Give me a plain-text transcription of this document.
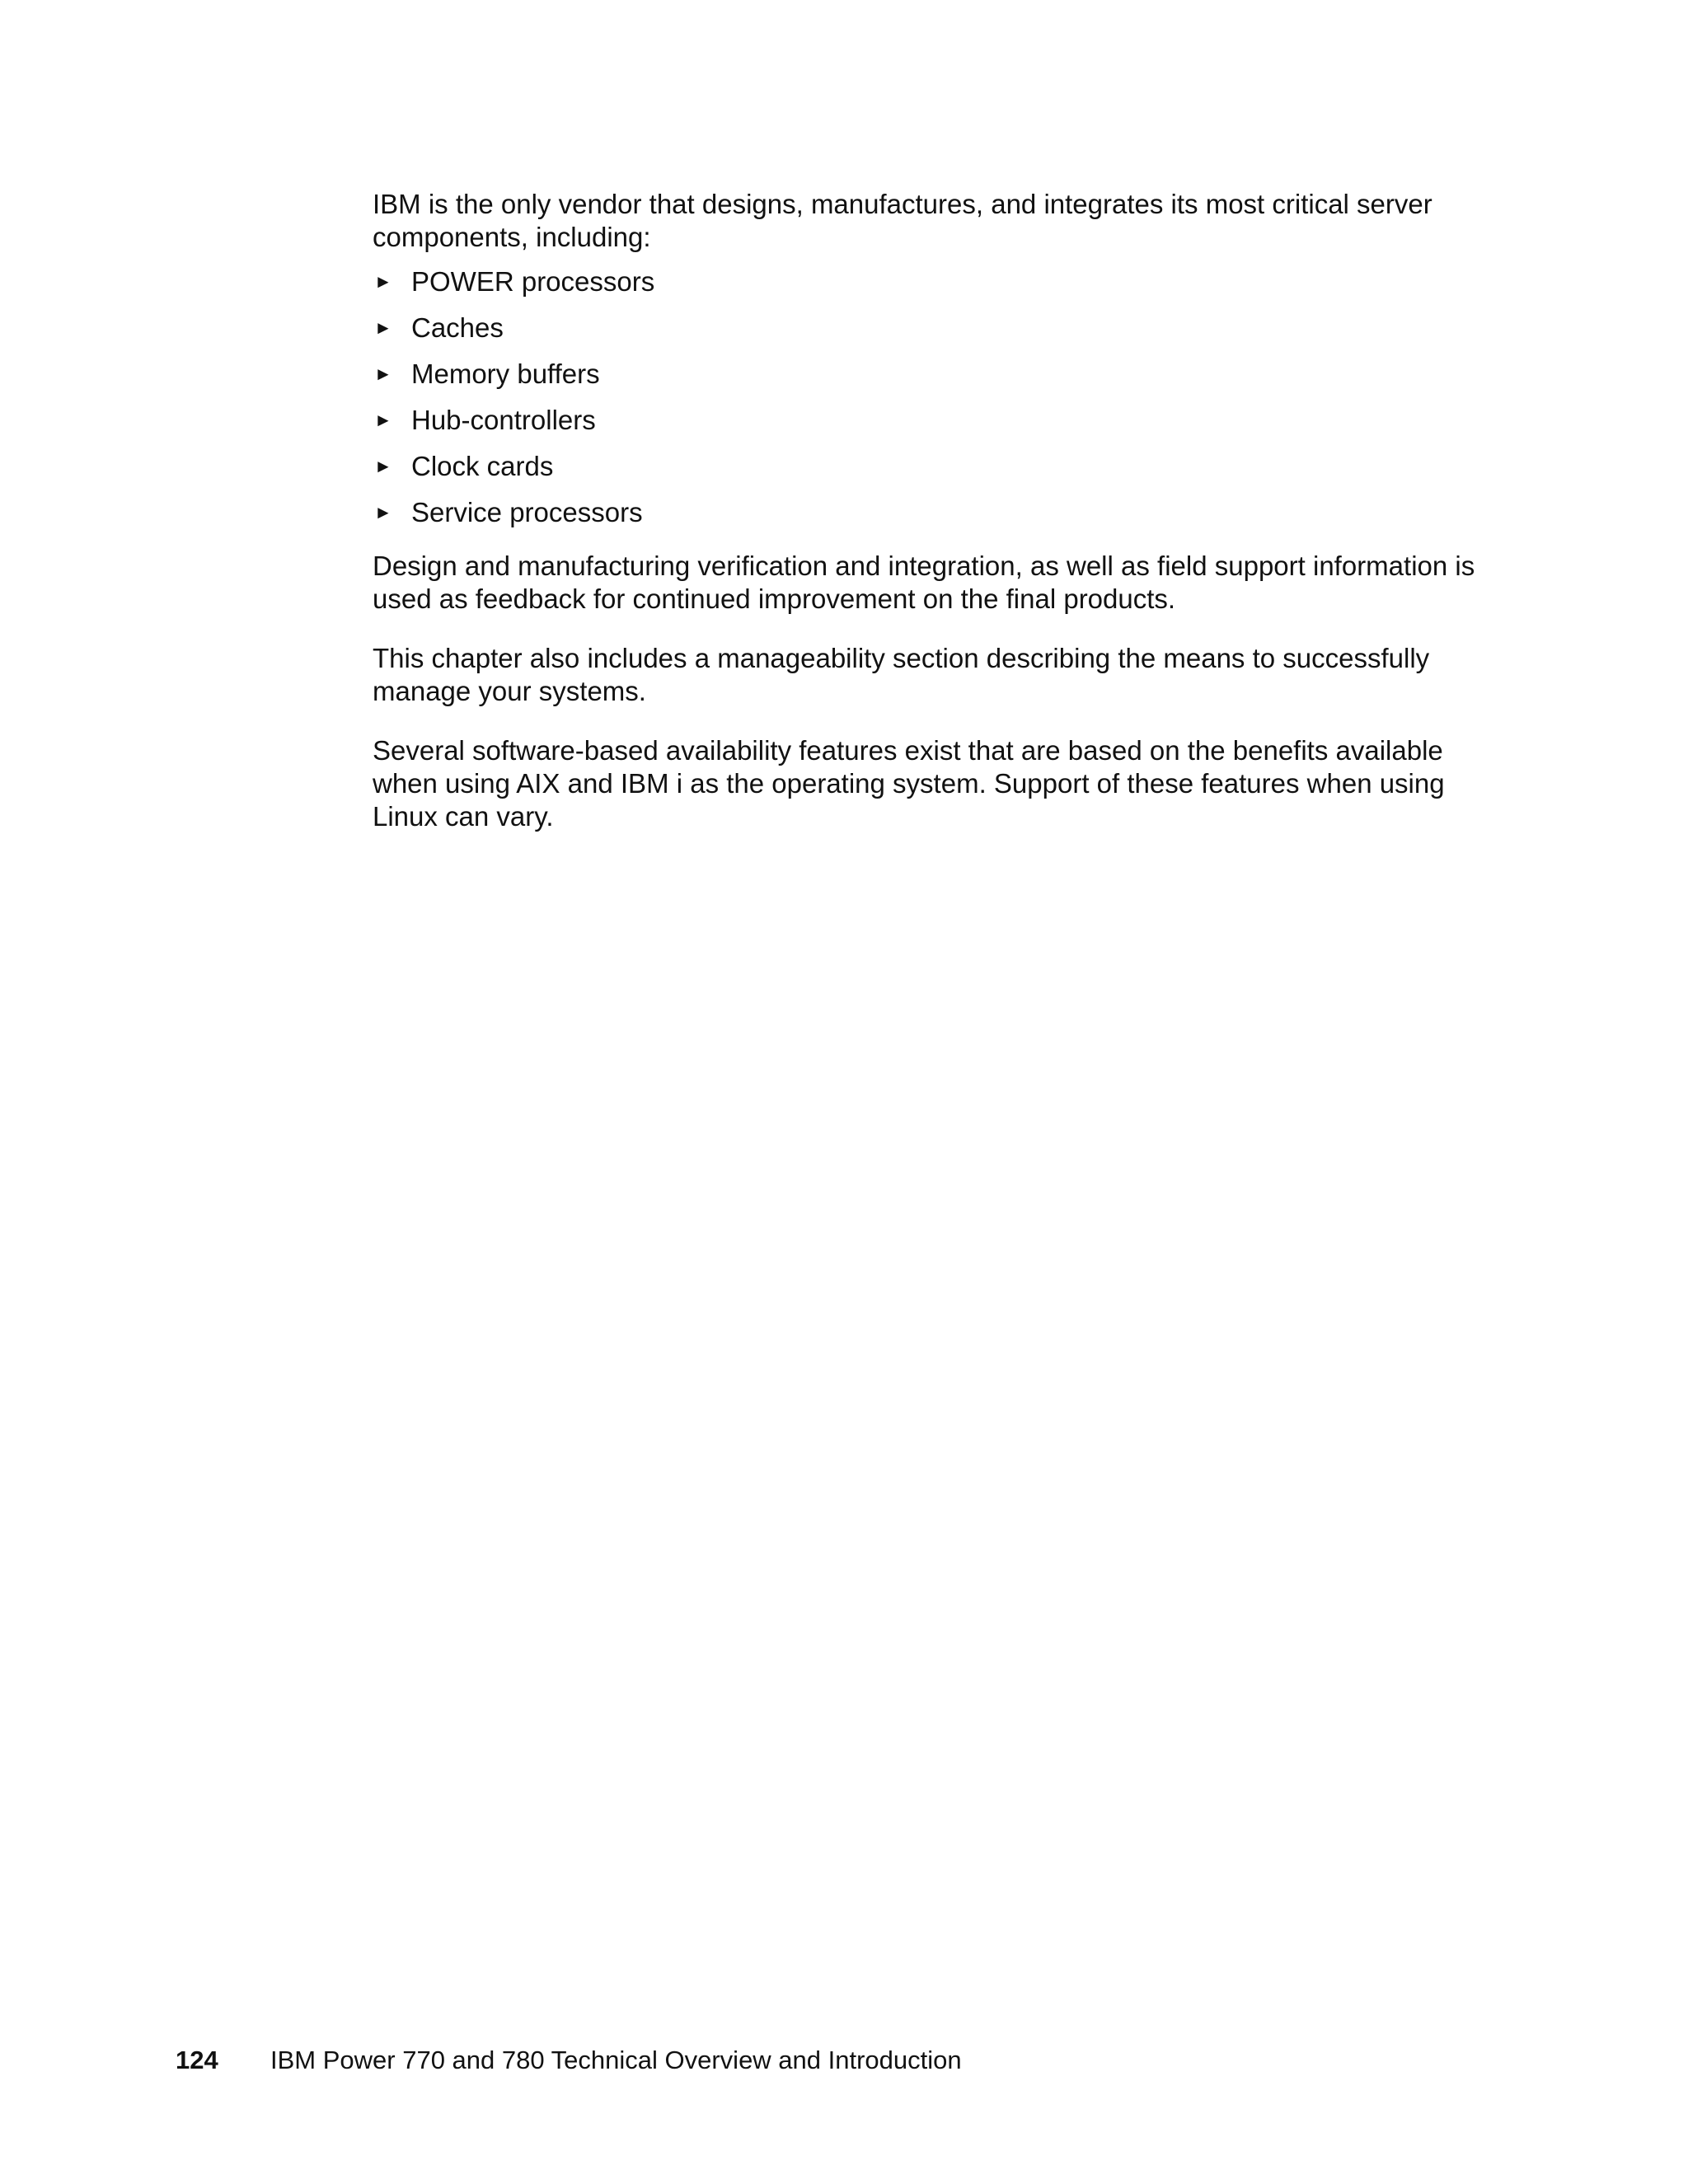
IBM is the only vendor that designs, manufactures, and integrates its most critical server components, including:

► POWER processors
► Caches
► Memory buffers
► Hub-controllers
► Clock cards
► Service processors

Design and manufacturing verification and integration, as well as field support information is used as feedback for continued improvement on the final products.

This chapter also includes a manageability section describing the means to successfully manage your systems.

Several software-based availability features exist that are based on the benefits available when using AIX and IBM i as the operating system. Support of these features when using Linux can vary.

124 IBM Power 770 and 780 Technical Overview and Introduction
